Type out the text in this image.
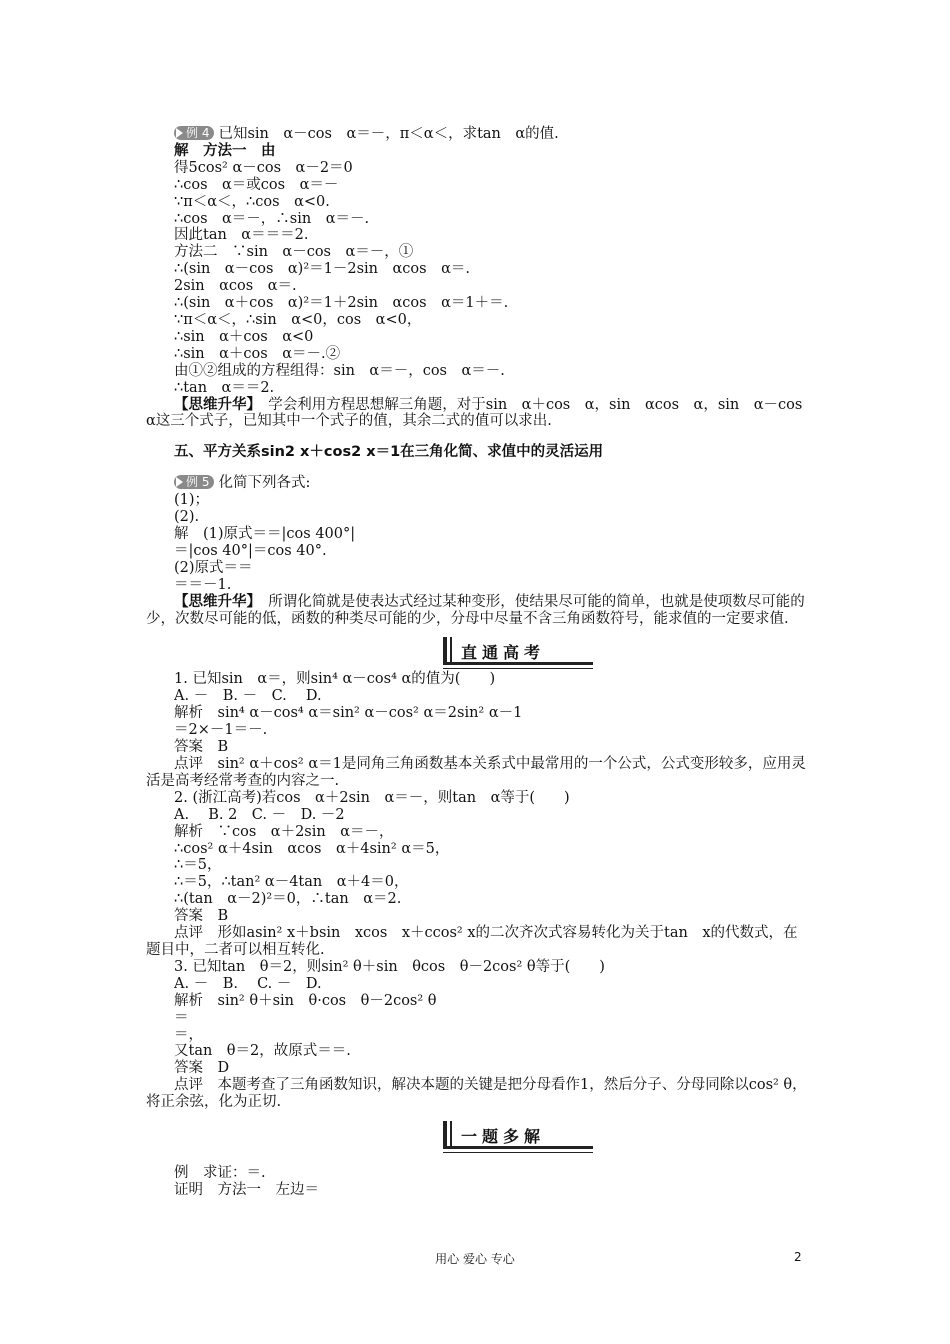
例 4 已知sin　α－cos　α＝－，π＜α＜，求tan　α的值.
解　方法一　由
得5cos² α－cos　α－2＝0
∴cos　α＝或cos　α＝－
∵π＜α＜，∴cos　α<0.
∴cos　α＝－，∴sin　α＝－.
因此tan　α＝＝＝2.
方法二　∵sin　α－cos　α＝－，①
∴(sin　α－cos　α)²＝1－2sin　αcos　α＝.
2sin　αcos　α＝.
∴(sin　α＋cos　α)²＝1＋2sin　αcos　α＝1＋＝.
∵π＜α＜，∴sin　α<0，cos　α<0，
∴sin　α＋cos　α<0
∴sin　α＋cos　α＝－.②
由①②组成的方程组得：sin　α＝－，cos　α＝－.
∴tan　α＝＝2.
【思维升华】　 学会利用方程思想解三角题，对于sin　α＋cos　α，sin　αcos　α，sin　α－cos　α这三个式子，已知其中一个式子的值，其余二式的值可以求出.
五、平方关系sin2 x＋cos2 x＝1在三角化简、求值中的灵活运用
例 5 化简下列各式:
(1)；
(2).
解　(1)原式＝＝|cos 400°|
＝|cos 40°|＝cos 40°.
(2)原式＝＝
＝＝－1.
【思维升华】　 所谓化简就是使表达式经过某种变形，使结果尽可能的简单，也就是使项数尽可能的少，次数尽可能的低，函数的种类尽可能的少，分母中尽量不含三角函数符号，能求值的一定要求值.
直通高考
1. 已知sin　α＝，则sin⁴ α－cos⁴ α的值为(　　)
A. －　B. －　C. 　D.
解析　sin⁴ α－cos⁴ α＝sin² α－cos² α＝2sin² α－1
＝2×－1＝－.
答案　B
点评　sin² α＋cos² α＝1是同角三角函数基本关系式中最常用的一个公式，公式变形较多，应用灵活是高考经常考查的内容之一.
2. (浙江高考)若cos　α＋2sin　α＝－，则tan　α等于(　　)
A. 　B. 2　C. －　D. －2
解析　∵cos　α＋2sin　α＝－，
∴cos² α＋4sin　αcos　α＋4sin² α＝5，
∴＝5，
∴＝5，∴tan² α－4tan　α＋4＝0，
∴(tan　α－2)²＝0，∴tan　α＝2.
答案　B
点评　形如asin² x＋bsin　xcos　x＋ccos² x的二次齐次式容易转化为关于tan　x的代数式，在题目中，二者可以相互转化.
3. 已知tan　θ＝2，则sin² θ＋sin　θcos　θ－2cos² θ等于(　　)
A. －　B. 　C. －　D.
解析　sin² θ＋sin　θ·cos　θ－2cos² θ
＝
＝，
又tan　θ＝2，故原式＝＝.
答案　D
点评　本题考查了三角函数知识，解决本题的关键是把分母看作1，然后分子、分母同除以cos² θ，将正余弦，化为正切.
一题多解
例　求证：＝.
证明　方法一　左边＝
用心 爱心 专心	2
